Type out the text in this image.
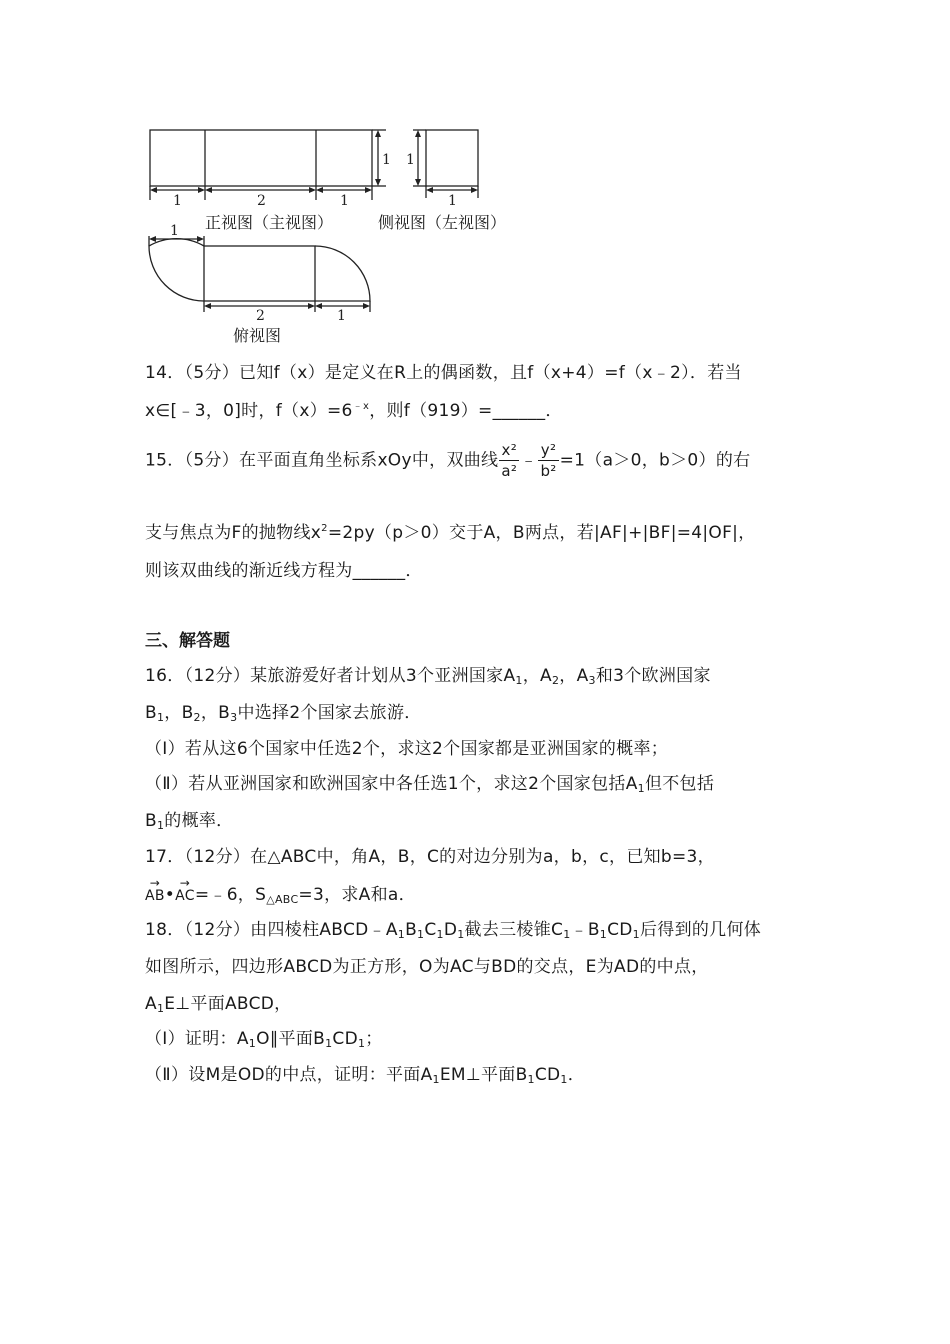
1	2	1
1 1
1
1
2	1
正视图（主视图）	侧视图（左视图）
俯视图
14．（5分）已知f（x）是定义在R上的偶函数，且f（x+4）=f（x﹣2）．若当
x∈[﹣3，0]时，$f(x)=6^{﹣x}$，则f（919）=______．
15．（5分）在平面直角坐标系xOy中，双曲线 $\frac{\text{x²}}{\text{a²}}$ ﹣ $\frac{\text{y²}}{\text{b²}} =1(a>0$，b＞0）的右
支与焦点为F的抛物线$x^2=2py(p>0)$交于A，B两点，若|AF|+|BF|=4|OF|，
则该双曲线的渐近线方程为______．
三、解答题
16．（12分）某旅游爱好者计划从3个亚洲国家$A_1$，$A_2$，$A_3$和3个欧洲国家
$B_1$，$B_2$，$B_3$中选择2个国家去旅游．
（Ⅰ）若从这6个国家中任选2个，求这2个国家都是亚洲国家的概率；
（Ⅱ）若从亚洲国家和欧洲国家中各任选1个，求这2个国家包括$A_1$但不包括
$B_1$的概率．
17．（12分）在△ABC中，角A，B，C的对边分别为a，b，c，已知b=3，
→ AB•→ AC=﹣6，$S_{\triangle ABC}=3$，求A和a．
18．（12分）由四棱柱$ABCD﹣A_1B_1C_1D_1$截去三棱锥$C_1﹣B_1CD_1$后得到的几何体
如图所示，四边形ABCD为正方形，O为AC与BD的交点，E为AD的中点，
$A_1E\perp$平面ABCD，
（Ⅰ）证明：$A_1O\parallel$平面$B_1CD_1$；
（Ⅱ）设M是OD的中点，证明：平面$A_1EM\perp$平面$B_1CD_1$．
